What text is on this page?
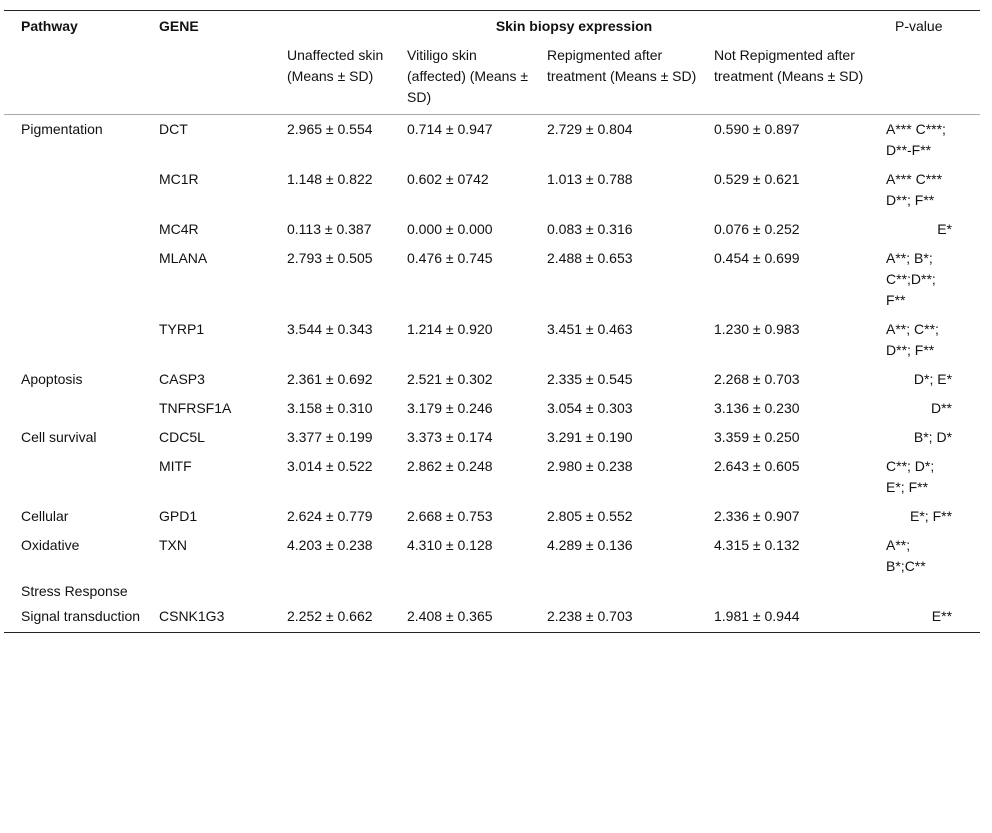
Pathway	GENE	Skin biopsy expression				P-value
		Unaffected skin (Means ± SD)	Vitiligo skin (affected) (Means ± SD)	Repigmented after treatment (Means ± SD)	Not Repigmented after treatment (Means ± SD)	
Pigmentation	DCT	2.965 ± 0.554	0.714 ± 0.947	2.729 ± 0.804	0.590 ± 0.897	A*** C***; D**-F**
	MC1R	1.148 ± 0.822	0.602 ± 0742	1.013 ± 0.788	0.529 ± 0.621	A*** C*** D**; F**
	MC4R	0.113 ± 0.387	0.000 ± 0.000	0.083 ± 0.316	0.076 ± 0.252	E*
	MLANA	2.793 ± 0.505	0.476 ± 0.745	2.488 ± 0.653	0.454 ± 0.699	A**; B*; C**;D**; F**
	TYRP1	3.544 ± 0.343	1.214 ± 0.920	3.451 ± 0.463	1.230 ± 0.983	A**; C**; D**; F**
Apoptosis	CASP3	2.361 ± 0.692	2.521 ± 0.302	2.335 ± 0.545	2.268 ± 0.703	D*; E*
	TNFRSF1A	3.158 ± 0.310	3.179 ± 0.246	3.054 ± 0.303	3.136 ± 0.230	D**
Cell survival	CDC5L	3.377 ± 0.199	3.373 ± 0.174	3.291 ± 0.190	3.359 ± 0.250	B*; D*
	MITF	3.014 ± 0.522	2.862 ± 0.248	2.980 ± 0.238	2.643 ± 0.605	C**; D*; E*; F**
Cellular	GPD1	2.624 ± 0.779	2.668 ± 0.753	2.805 ± 0.552	2.336 ± 0.907	E*; F**
Oxidative	TXN	4.203 ± 0.238	4.310 ± 0.128	4.289 ± 0.136	4.315 ± 0.132	A**; B*;C**
Stress Response						
Signal transduction	CSNK1G3	2.252 ± 0.662	2.408 ± 0.365	2.238 ± 0.703	1.981 ± 0.944	E**
